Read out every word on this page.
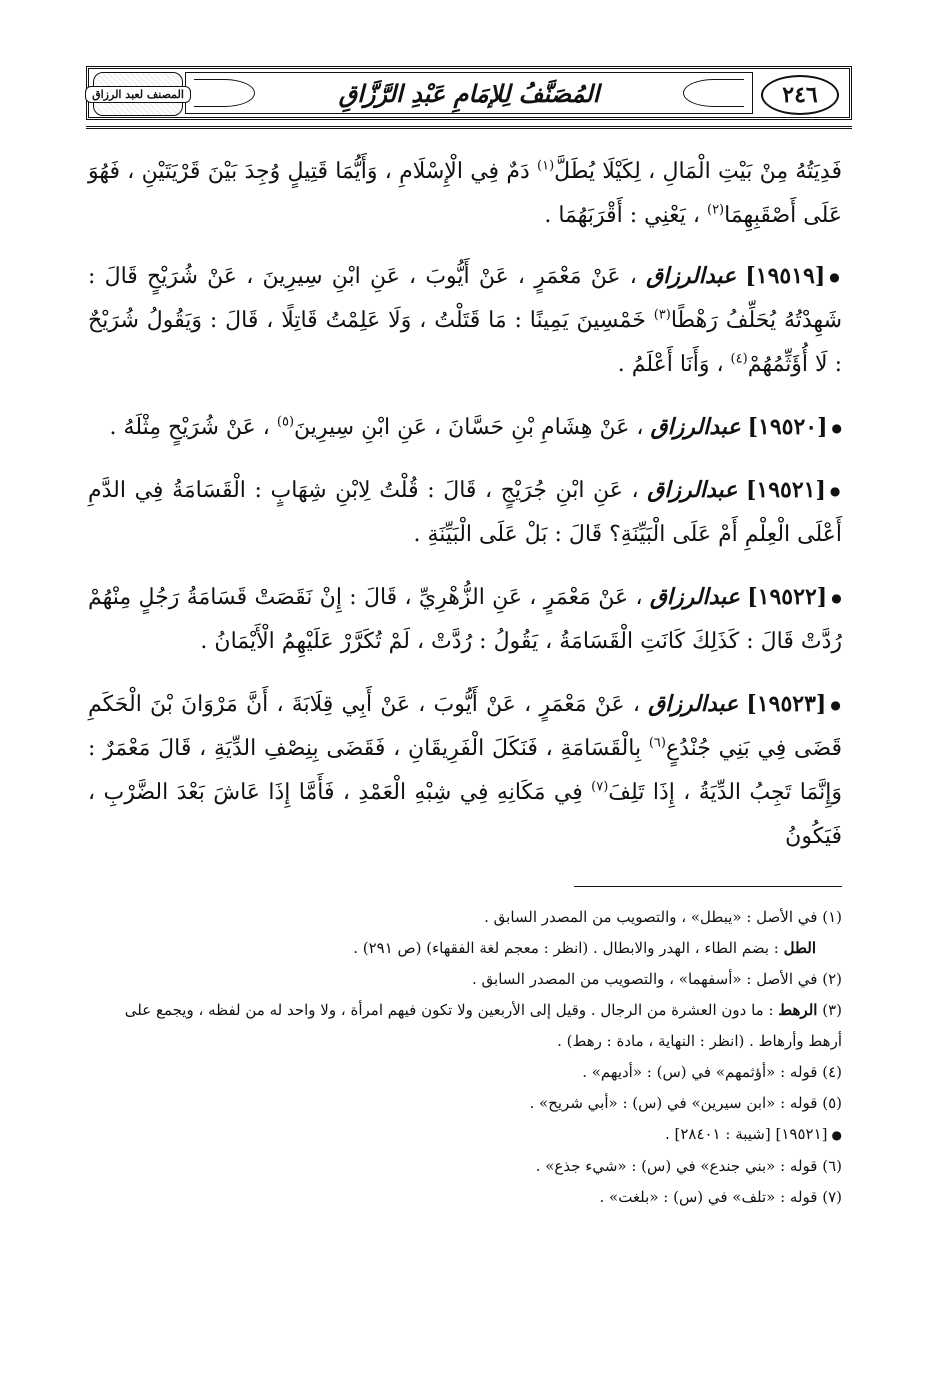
٢٤٦
المُصَنَّفُ لِلإمَامِ عَبْدِ الرَّزَّاقِ
المصنف لعبد الرزاق

فَدِيَتُهُ مِنْ بَيْتِ الْمَالِ ، لِكَيْلَا يُطَلَّ$^{(١)}$ دَمٌ فِي الْإِسْلَامِ ، وَأَيُّمَا قَتِيلٍ وُجِدَ بَيْنَ قَرْيَتَيْنِ ، فَهُوَ عَلَى أَصْقَبِهِمَا$^{(٢)}$ ، يَعْنِي : أَقْرَبَهُمَا .

●[١٩٥١٩] عبدالرزاق ، عَنْ مَعْمَرٍ ، عَنْ أَيُّوبَ ، عَنِ ابْنِ سِيرِينَ ، عَنْ شُرَيْحٍ قَالَ : شَهِدْتُهُ يُحَلِّفُ رَهْطًا$^{(٣)}$ خَمْسِينَ يَمِينًا : مَا قَتَلْتُ ، وَلَا عَلِمْتُ قَاتِلًا ، قَالَ : وَيَقُولُ شُرَيْحٌ : لَا أُؤَثِّمُهُمْ$^{(٤)}$ ، وَأَنَا أَعْلَمُ .

●[١٩٥٢٠] عبدالرزاق ، عَنْ هِشَامِ بْنِ حَسَّانَ ، عَنِ ابْنِ سِيرِينَ$^{(٥)}$ ، عَنْ شُرَيْحٍ مِثْلَهُ .

●[١٩٥٢١] عبدالرزاق ، عَنِ ابْنِ جُرَيْجٍ ، قَالَ : قُلْتُ لِابْنِ شِهَابٍ : الْقَسَامَةُ فِي الدَّمِ أَعْلَى الْعِلْمِ أَمْ عَلَى الْبَيِّنَةِ؟ قَالَ : بَلْ عَلَى الْبَيِّنَةِ .

●[١٩٥٢٢] عبدالرزاق ، عَنْ مَعْمَرٍ ، عَنِ الزُّهْرِيِّ ، قَالَ : إِنْ نَقَصَتْ قَسَامَةُ رَجُلٍ مِنْهُمْ رُدَّتْ قَالَ : كَذَلِكَ كَانَتِ الْقَسَامَةُ ، يَقُولُ : رُدَّتْ ، لَمْ تُكَرَّرْ عَلَيْهِمُ الْأَيْمَانُ .

●[١٩٥٢٣] عبدالرزاق ، عَنْ مَعْمَرٍ ، عَنْ أَيُّوبَ ، عَنْ أَبِي قِلَابَةَ ، أَنَّ مَرْوَانَ بْنَ الْحَكَمِ قَضَى فِي بَنِي جُنْدُعٍ$^{(٦)}$ بِالْقَسَامَةِ ، فَنَكَلَ الْفَرِيقَانِ ، فَقَضَى بِنِصْفِ الدِّيَةِ ، قَالَ مَعْمَرٌ : وَإِنَّمَا تَجِبُ الدِّيَةُ ، إِذَا تَلِفَ$^{(٧)}$ فِي مَكَانِهِ فِي شِبْهِ الْعَمْدِ ، فَأَمَّا إِذَا عَاشَ بَعْدَ الضَّرْبِ ، فَيَكُونُ

(١) في الأصل : «يبطل» ، والتصويب من المصدر السابق .

الطل : بضم الطاء ، الهدر والابطال . (انظر : معجم لغة الفقهاء) (ص ٢٩١) .

(٢) في الأصل : «أسفهما» ، والتصويب من المصدر السابق .

(٣) الرهط : ما دون العشرة من الرجال . وقيل إلى الأربعين ولا تكون فيهم امرأة ، ولا واحد له من لفظه ، ويجمع على أرهط وأرهاط . (انظر : النهاية ، مادة : رهط) .

(٤) قوله : «أؤثمهم» في (س) : «أديهم» .

(٥) قوله : «ابن سيرين» في (س) : «أبي شريح» .

●[١٩٥٢١] [شيبة : ٢٨٤٠١] .

(٦) قوله : «بني جندع» في (س) : «شيء جذع» .

(٧) قوله : «تلف» في (س) : «بلغت» .
